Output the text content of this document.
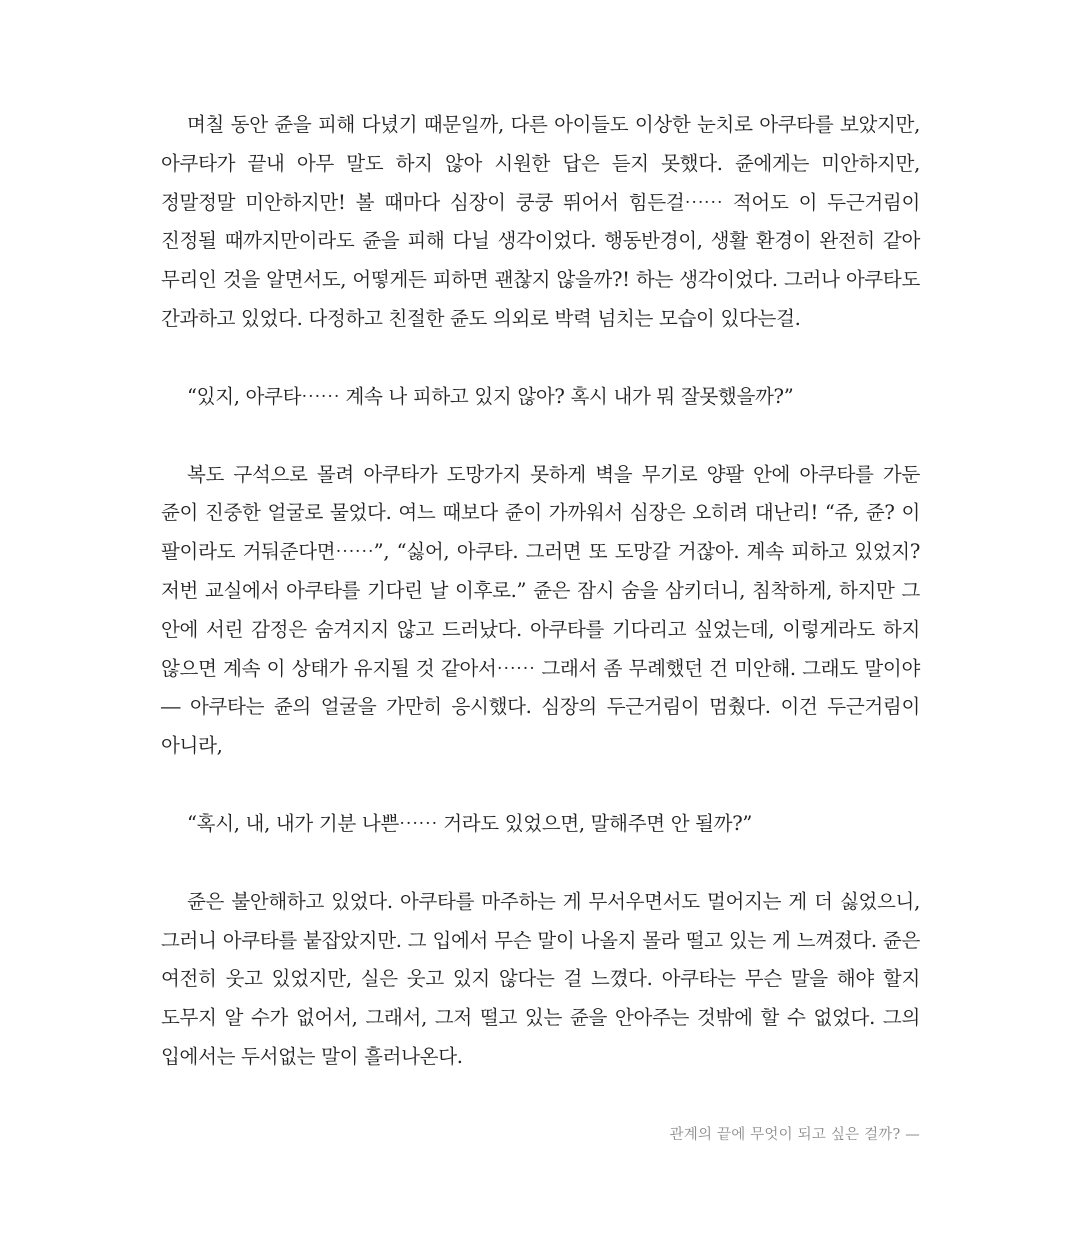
며칠 동안 쥰을 피해 다녔기 때문일까, 다른 아이들도 이상한 눈치로 아쿠타를 보았지만, 아쿠타가 끝내 아무 말도 하지 않아 시원한 답은 듣지 못했다. 쥰에게는 미안하지만, 정말정말 미안하지만! 볼 때마다 심장이 쿵쿵 뛰어서 힘든걸⋯⋯ 적어도 이 두근거림이 진정될 때까지만이라도 쥰을 피해 다닐 생각이었다. 행동반경이, 생활 환경이 완전히 같아 무리인 것을 알면서도, 어떻게든 피하면 괜찮지 않을까?! 하는 생각이었다. 그러나 아쿠타도 간과하고 있었다. 다정하고 친절한 쥰도 의외로 박력 넘치는 모습이 있다는걸.

“있지, 아쿠타⋯⋯ 계속 나 피하고 있지 않아? 혹시 내가 뭐 잘못했을까?”

복도 구석으로 몰려 아쿠타가 도망가지 못하게 벽을 무기로 양팔 안에 아쿠타를 가둔 쥰이 진중한 얼굴로 물었다. 여느 때보다 쥰이 가까워서 심장은 오히려 대난리! “쥬, 쥰? 이 팔이라도 거둬준다면⋯⋯”, “싫어, 아쿠타. 그러면 또 도망갈 거잖아. 계속 피하고 있었지? 저번 교실에서 아쿠타를 기다린 날 이후로.” 쥰은 잠시 숨을 삼키더니, 침착하게, 하지만 그 안에 서린 감정은 숨겨지지 않고 드러났다. 아쿠타를 기다리고 싶었는데, 이렇게라도 하지 않으면 계속 이 상태가 유지될 것 같아서⋯⋯ 그래서 좀 무례했던 건 미안해. 그래도 말이야― 아쿠타는 쥰의 얼굴을 가만히 응시했다. 심장의 두근거림이 멈췄다. 이건 두근거림이 아니라,

“혹시, 내, 내가 기분 나쁜⋯⋯ 거라도 있었으면, 말해주면 안 될까?”

쥰은 불안해하고 있었다. 아쿠타를 마주하는 게 무서우면서도 멀어지는 게 더 싫었으니, 그러니 아쿠타를 붙잡았지만. 그 입에서 무슨 말이 나올지 몰라 떨고 있는 게 느껴졌다. 쥰은 여전히 웃고 있었지만, 실은 웃고 있지 않다는 걸 느꼈다. 아쿠타는 무슨 말을 해야 할지 도무지 알 수가 없어서, 그래서, 그저 떨고 있는 쥰을 안아주는 것밖에 할 수 없었다. 그의 입에서는 두서없는 말이 흘러나온다.

관계의 끝에 무엇이 되고 싶은 걸까? —
